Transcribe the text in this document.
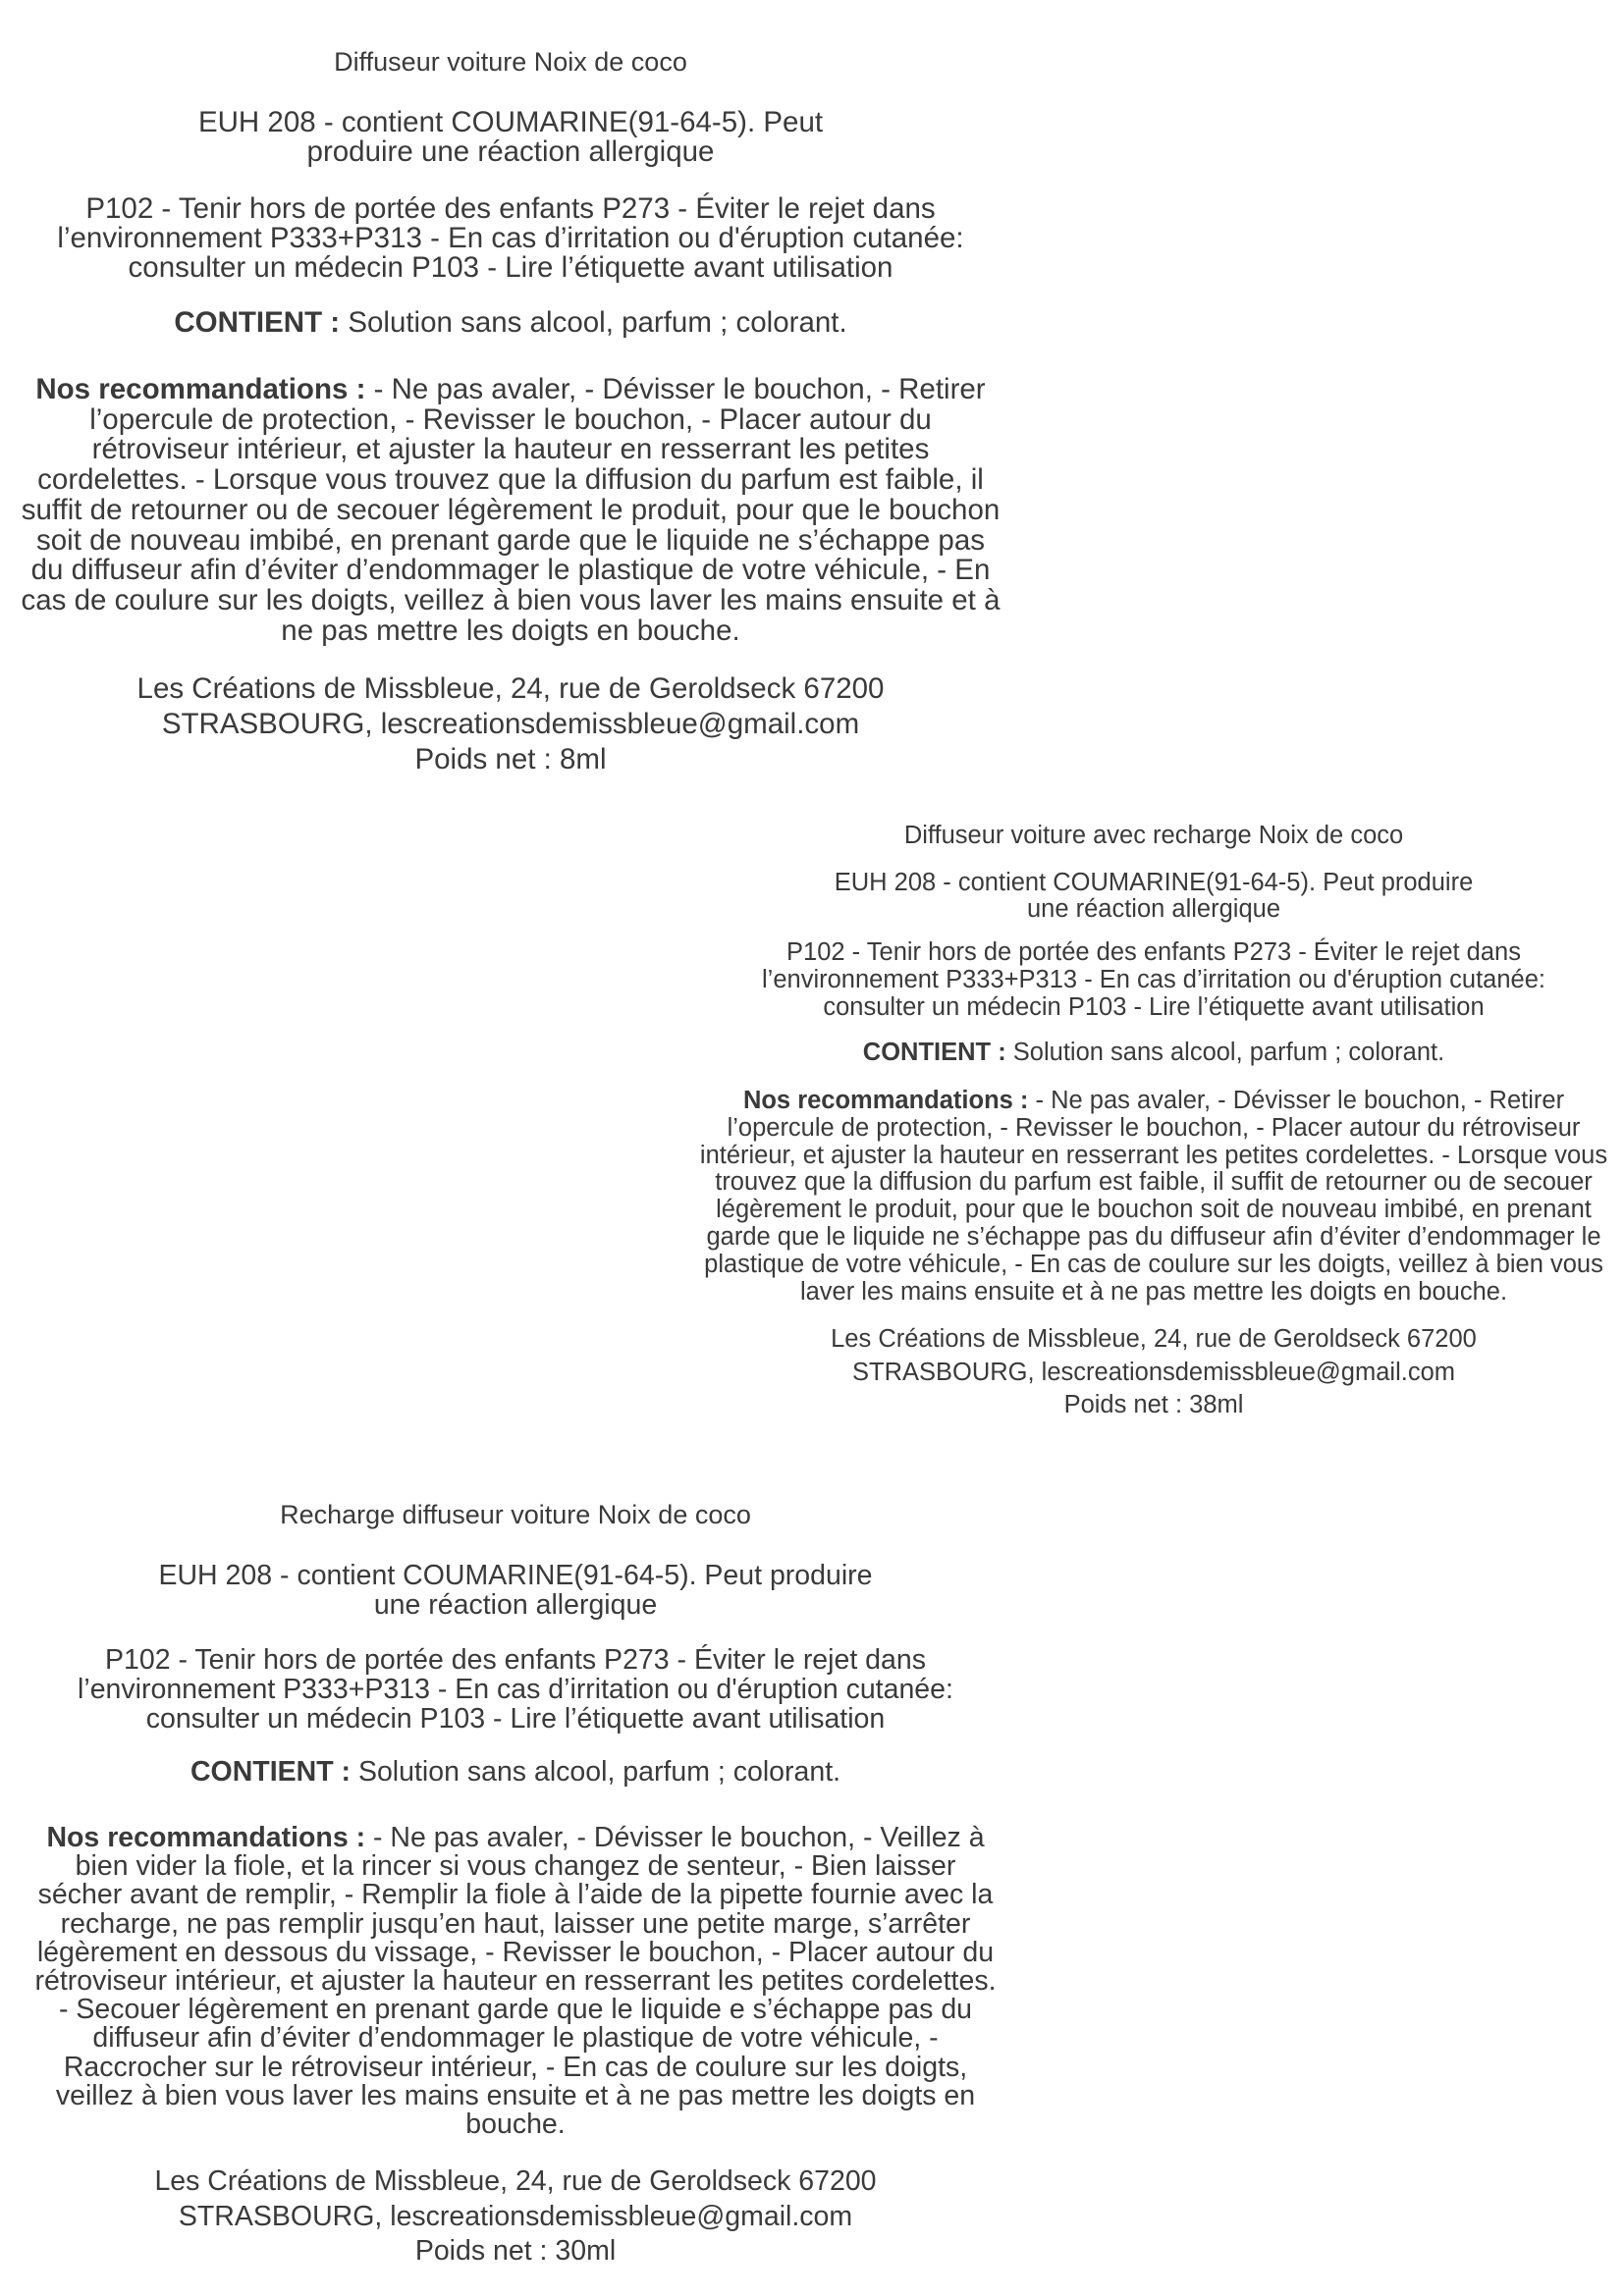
Diffuseur voiture Noix de coco

EUH 208 - contient COUMARINE(91-64-5). Peut produire une réaction allergique

P102 - Tenir hors de portée des enfants P273 - Éviter le rejet dans l’environnement P333+P313 - En cas d’irritation ou d'éruption cutanée: consulter un médecin P103 - Lire l’étiquette avant utilisation

CONTIENT : Solution sans alcool, parfum ; colorant.

Nos recommandations : - Ne pas avaler, - Dévisser le bouchon, - Retirer l’opercule de protection, - Revisser le bouchon, - Placer autour du rétroviseur intérieur, et ajuster la hauteur en resserrant les petites cordelettes. - Lorsque vous trouvez que la diffusion du parfum est faible, il suffit de retourner ou de secouer légèrement le produit, pour que le bouchon soit de nouveau imbibé, en prenant garde que le liquide ne s’échappe pas du diffuseur afin d’éviter d’endommager le plastique de votre véhicule, - En cas de coulure sur les doigts, veillez à bien vous laver les mains ensuite et à ne pas mettre les doigts en bouche.

Les Créations de Missbleue, 24, rue de Geroldseck 67200

STRASBOURG, lescreationsdemissbleue@gmail.com

Poids net : 8ml

Diffuseur voiture avec recharge Noix de coco

EUH 208 - contient COUMARINE(91-64-5). Peut produire une réaction allergique

P102 - Tenir hors de portée des enfants P273 - Éviter le rejet dans l’environnement P333+P313 - En cas d’irritation ou d'éruption cutanée: consulter un médecin P103 - Lire l’étiquette avant utilisation

CONTIENT : Solution sans alcool, parfum ; colorant.

Nos recommandations : - Ne pas avaler, - Dévisser le bouchon, - Retirer l’opercule de protection, - Revisser le bouchon, - Placer autour du rétroviseur intérieur, et ajuster la hauteur en resserrant les petites cordelettes. - Lorsque vous trouvez que la diffusion du parfum est faible, il suffit de retourner ou de secouer légèrement le produit, pour que le bouchon soit de nouveau imbibé, en prenant garde que le liquide ne s’échappe pas du diffuseur afin d’éviter d’endommager le plastique de votre véhicule, - En cas de coulure sur les doigts, veillez à bien vous laver les mains ensuite et à ne pas mettre les doigts en bouche.

Les Créations de Missbleue, 24, rue de Geroldseck 67200

STRASBOURG, lescreationsdemissbleue@gmail.com

Poids net : 38ml

Recharge diffuseur voiture Noix de coco

EUH 208 - contient COUMARINE(91-64-5). Peut produire une réaction allergique

P102 - Tenir hors de portée des enfants P273 - Éviter le rejet dans l’environnement P333+P313 - En cas d’irritation ou d'éruption cutanée: consulter un médecin P103 - Lire l’étiquette avant utilisation

CONTIENT : Solution sans alcool, parfum ; colorant.

Nos recommandations : - Ne pas avaler, - Dévisser le bouchon, - Veillez à bien vider la fiole, et la rincer si vous changez de senteur, - Bien laisser sécher avant de remplir, - Remplir la fiole à l’aide de la pipette fournie avec la recharge, ne pas remplir jusqu’en haut, laisser une petite marge, s’arrêter légèrement en dessous du vissage, - Revisser le bouchon, - Placer autour du rétroviseur intérieur, et ajuster la hauteur en resserrant les petites cordelettes. - Secouer légèrement en prenant garde que le liquide e s’échappe pas du diffuseur afin d’éviter d’endommager le plastique de votre véhicule, - Raccrocher sur le rétroviseur intérieur, - En cas de coulure sur les doigts, veillez à bien vous laver les mains ensuite et à ne pas mettre les doigts en bouche.

Les Créations de Missbleue, 24, rue de Geroldseck 67200

STRASBOURG, lescreationsdemissbleue@gmail.com

Poids net : 30ml
